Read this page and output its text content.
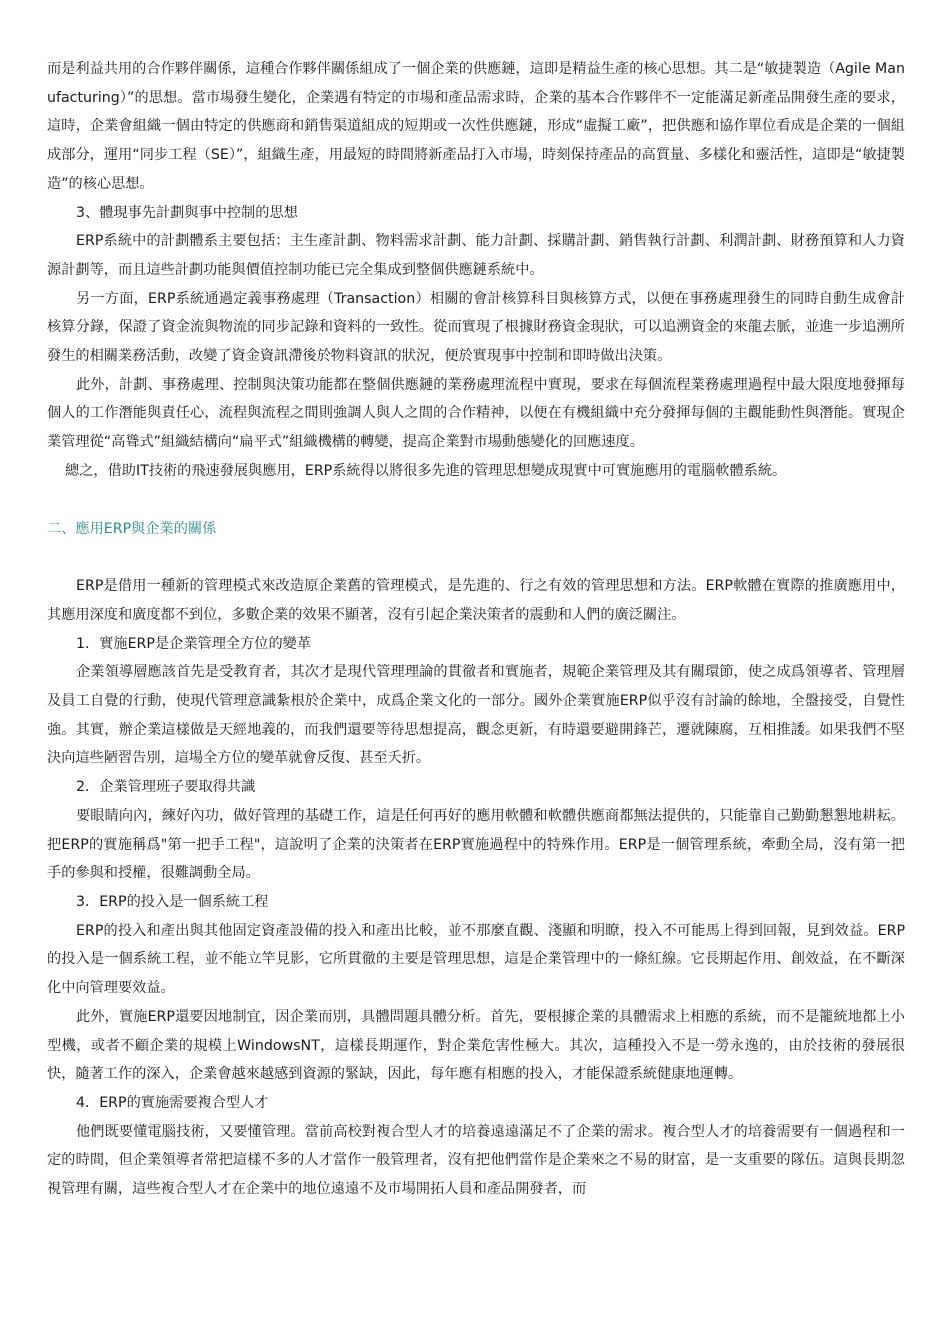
而是利益共用的合作夥伴關係，這種合作夥伴關係組成了一個企業的供應鏈，這即是精益生產的核心思想。其二是“敏捷製造（Agile Manufacturing）”的思想。當市場發生變化，企業遇有特定的市場和產品需求時，企業的基本合作夥伴不一定能滿足新產品開發生產的要求，這時，企業會組織一個由特定的供應商和銷售渠道組成的短期或一次性供應鏈，形成“虛擬工廠”，把供應和協作單位看成是企業的一個組成部分，運用“同步工程（SE）”，組織生產，用最短的時間將新產品打入市場，時刻保持產品的高質量、多樣化和靈活性，這即是“敏捷製造”的核心思想。

3、體現事先計劃與事中控制的思想

ERP系統中的計劃體系主要包括：主生產計劃、物料需求計劃、能力計劃、採購計劃、銷售執行計劃、利潤計劃、財務預算和人力資源計劃等，而且這些計劃功能與價值控制功能已完全集成到整個供應鏈系統中。

另一方面，ERP系統通過定義事務處理（Transaction）相關的會計核算科目與核算方式，以便在事務處理發生的同時自動生成會計核算分錄，保證了資金流與物流的同步記錄和資料的一致性。從而實現了根據財務資金現狀，可以追溯資金的來龍去脈，並進一步追溯所發生的相關業務活動，改變了資金資訊滯後於物料資訊的狀況，便於實現事中控制和即時做出決策。

此外，計劃、事務處理、控制與決策功能都在整個供應鏈的業務處理流程中實現，要求在每個流程業務處理過程中最大限度地發揮每個人的工作潛能與責任心，流程與流程之間則強調人與人之間的合作精神，以便在有機組織中充分發揮每個的主觀能動性與潛能。實現企業管理從“高聳式”組織結構向“扁平式”組織機構的轉變，提高企業對市場動態變化的回應速度。

總之，借助IT技術的飛速發展與應用，ERP系統得以將很多先進的管理思想變成現實中可實施應用的電腦軟體系統。

二、應用ERP與企業的關係

ERP是借用一種新的管理模式來改造原企業舊的管理模式，是先進的、行之有效的管理思想和方法。ERP軟體在實際的推廣應用中，其應用深度和廣度都不到位，多數企業的效果不顯著，沒有引起企業決策者的震動和人們的廣泛關注。

1．實施ERP是企業管理全方位的變革

企業領導層應該首先是受教育者，其次才是現代管理理論的貫徹者和實施者，規範企業管理及其有關環節，使之成爲領導者、管理層及員工自覺的行動，使現代管理意識紮根於企業中，成爲企業文化的一部分。國外企業實施ERP似乎沒有討論的餘地，全盤接受，自覺性強。其實，辦企業這樣做是天經地義的，而我們還要等待思想提高，觀念更新，有時還要避開鋒芒，遷就陳腐，互相推諉。如果我們不堅決向這些陋習告別，這場全方位的變革就會反復、甚至夭折。

2．企業管理班子要取得共識

要眼睛向內，練好內功，做好管理的基礎工作，這是任何再好的應用軟體和軟體供應商都無法提供的，只能靠自己勤勤懇懇地耕耘。把ERP的實施稱爲"第一把手工程"，這說明了企業的決策者在ERP實施過程中的特殊作用。ERP是一個管理系統，牽動全局，沒有第一把手的參與和授權，很難調動全局。

3．ERP的投入是一個系統工程

ERP的投入和產出與其他固定資產設備的投入和產出比較，並不那麼直觀、淺顯和明瞭，投入不可能馬上得到回報，見到效益。ERP的投入是一個系統工程，並不能立竿見影，它所貫徹的主要是管理思想，這是企業管理中的一條紅線。它長期起作用、創效益，在不斷深化中向管理要效益。

此外，實施ERP還要因地制宜，因企業而別，具體問題具體分析。首先，要根據企業的具體需求上相應的系統，而不是籠統地都上小型機，或者不顧企業的規模上WindowsNT，這樣長期運作，對企業危害性極大。其次，這種投入不是一勞永逸的，由於技術的發展很快，隨著工作的深入，企業會越來越感到資源的緊缺，因此，每年應有相應的投入，才能保證系統健康地運轉。

4．ERP的實施需要複合型人才

他們既要懂電腦技術，又要懂管理。當前高校對複合型人才的培養遠遠滿足不了企業的需求。複合型人才的培養需要有一個過程和一定的時間，但企業領導者常把這樣不多的人才當作一般管理者，沒有把他們當作是企業來之不易的財富，是一支重要的隊伍。這與長期忽視管理有關，這些複合型人才在企業中的地位遠遠不及市場開拓人員和產品開發者，而
